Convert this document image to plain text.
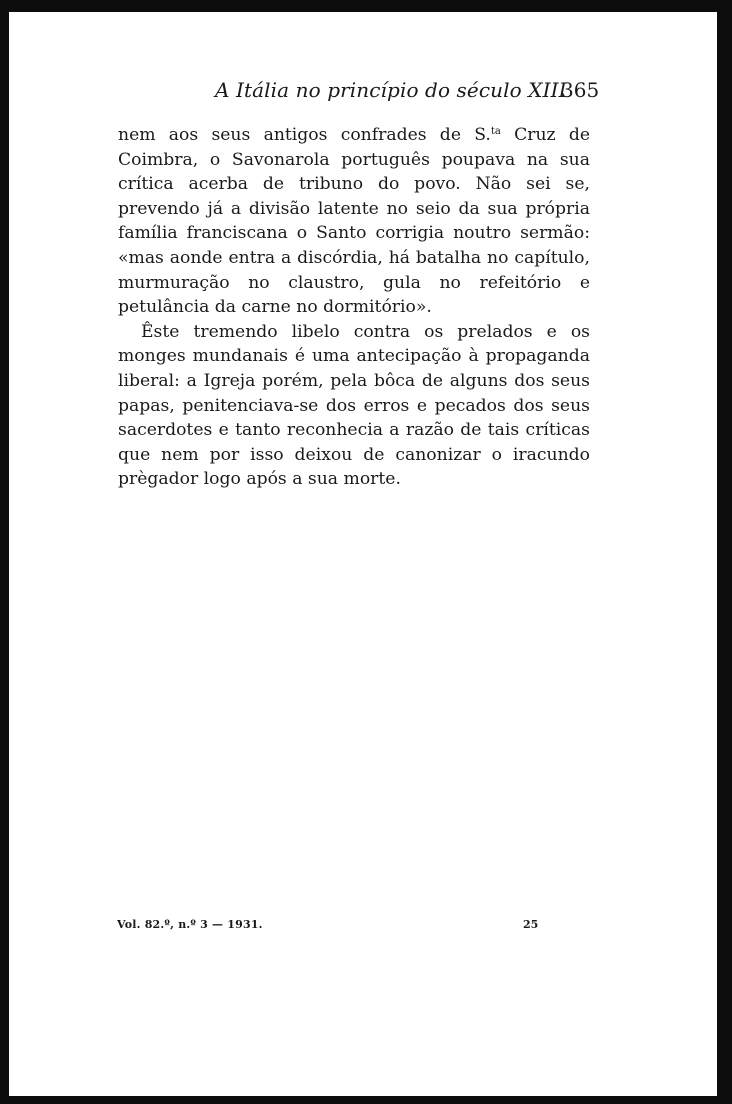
A Itália no princípio do século XIII
365

nem aos seus antigos confrades de S.$^{ta}$ Cruz de Coimbra, o Savonarola português poupava na sua crítica acerba de tribuno do povo. Não sei se, prevendo já a divisão latente no seio da sua própria família franciscana o Santo corrigia noutro sermão: «mas aonde entra a discórdia, há batalha no capítulo, murmuração no claustro, gula no refeitório e petulância da carne no dormitório».

Êste tremendo libelo contra os prelados e os monges mundanais é uma antecipação à propaganda liberal: a Igreja porém, pela bôca de alguns dos seus papas, penitenciava-se dos erros e pecados dos seus sacerdotes e tanto reconhecia a razão de tais críticas que nem por isso deixou de canonizar o iracundo prègador logo após a sua morte.

Vol. 82.º, n.º 3 — 1931.	25
